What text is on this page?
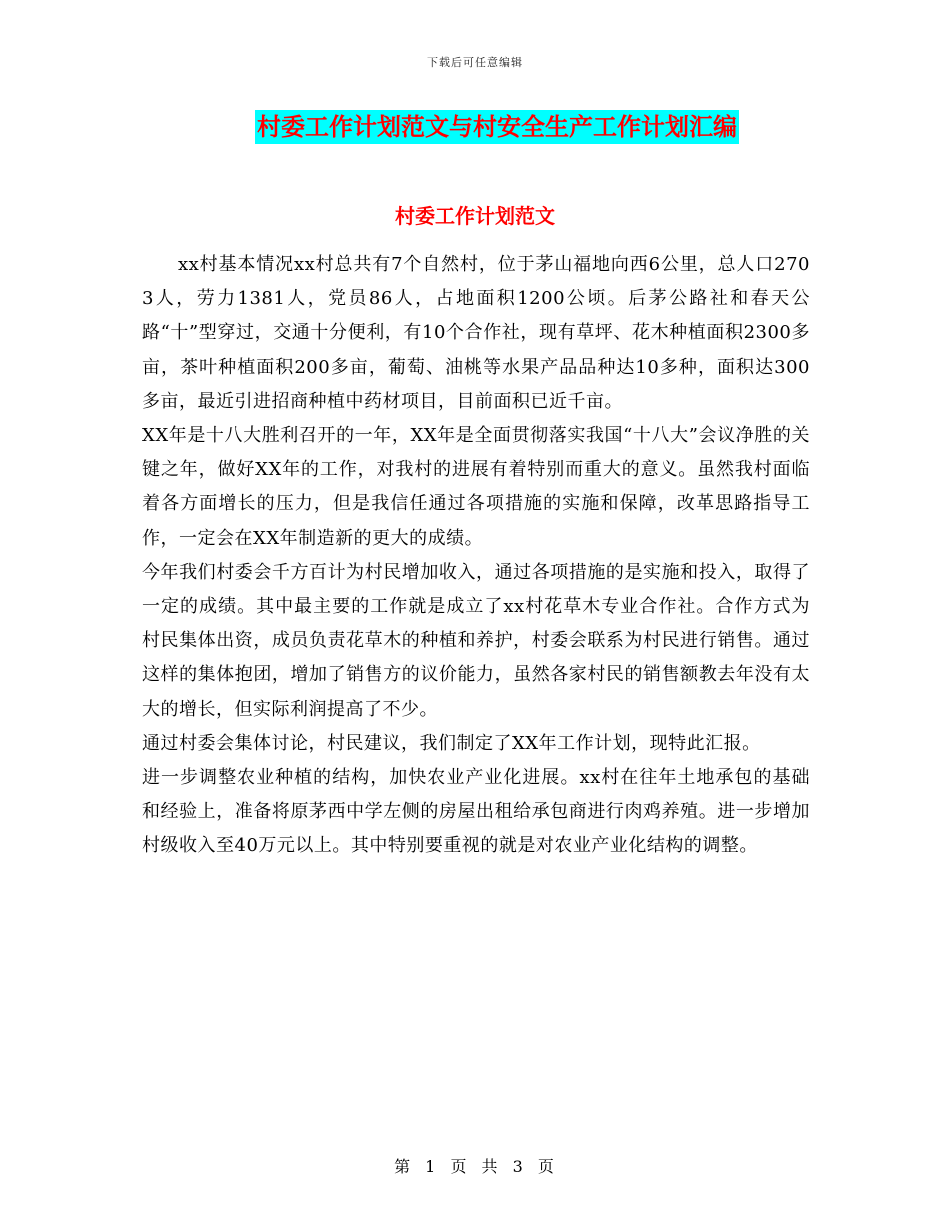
下载后可任意编辑
村委工作计划范文与村安全生产工作计划汇编
村委工作计划范文

xx村基本情况xx村总共有7个自然村，位于茅山福地向西6公里，总人口2703人，劳力1381人，党员86人，占地面积1200公顷。后茅公路社和春天公路“十”型穿过，交通十分便利，有10个合作社，现有草坪、花木种植面积2300多亩，茶叶种植面积200多亩，葡萄、油桃等水果产品品种达10多种，面积达300多亩，最近引进招商种植中药材项目，目前面积已近千亩。

XX年是十八大胜利召开的一年，XX年是全面贯彻落实我国“十八大”会议净胜的关键之年，做好XX年的工作，对我村的进展有着特别而重大的意义。虽然我村面临着各方面增长的压力，但是我信任通过各项措施的实施和保障，改革思路指导工作，一定会在XX年制造新的更大的成绩。

今年我们村委会千方百计为村民增加收入，通过各项措施的是实施和投入，取得了一定的成绩。其中最主要的工作就是成立了xx村花草木专业合作社。合作方式为村民集体出资，成员负责花草木的种植和养护，村委会联系为村民进行销售。通过这样的集体抱团，增加了销售方的议价能力，虽然各家村民的销售额教去年没有太大的增长，但实际利润提高了不少。

通过村委会集体讨论，村民建议，我们制定了XX年工作计划，现特此汇报。

进一步调整农业种植的结构，加快农业产业化进展。xx村在往年土地承包的基础和经验上，准备将原茅西中学左侧的房屋出租给承包商进行肉鸡养殖。进一步增加村级收入至40万元以上。其中特别要重视的就是对农业产业化结构的调整。

第 1 页 共 3 页
